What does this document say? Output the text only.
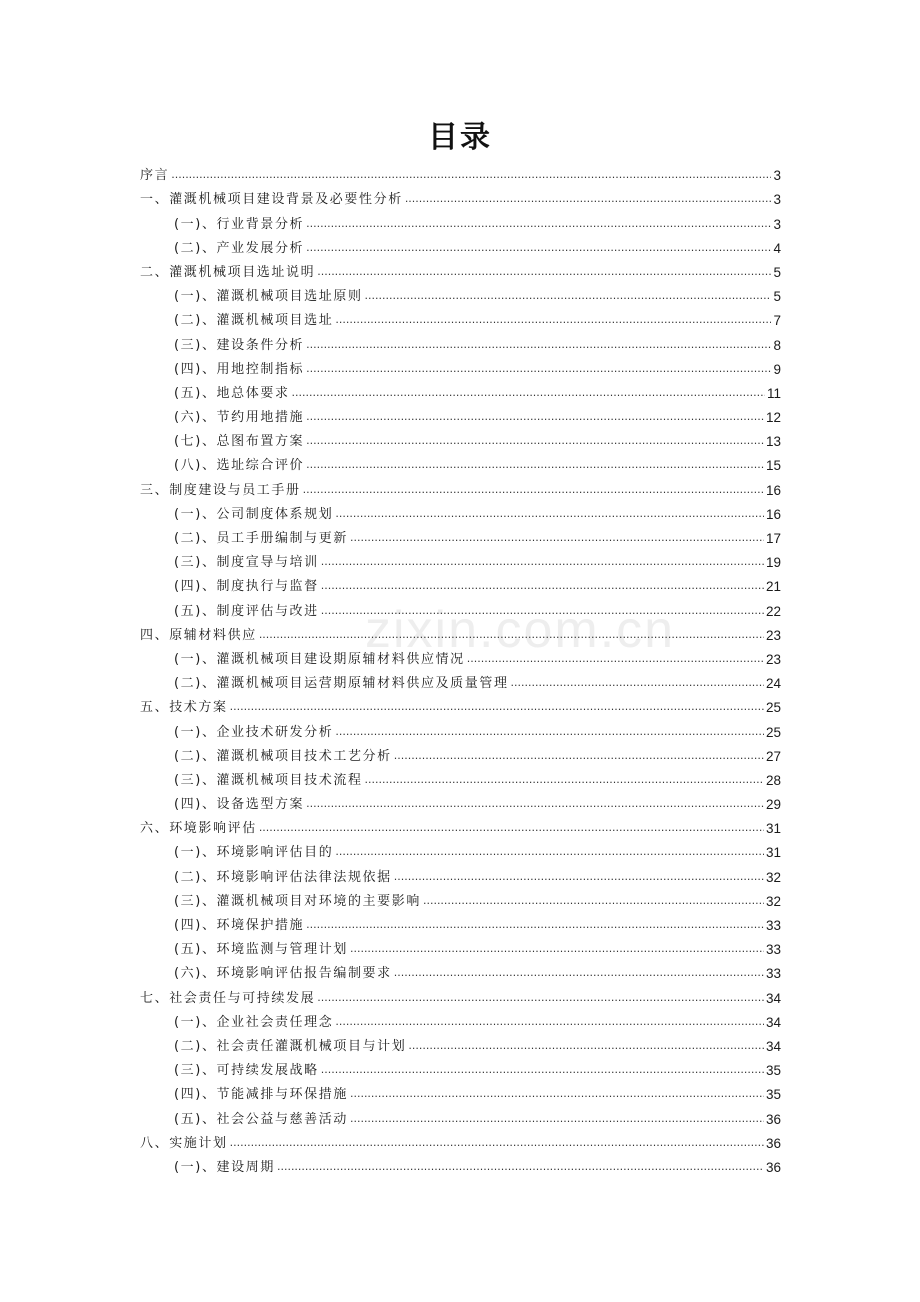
目录
zixin.com.cn
序言 .....	3
一、灌溉机械项目建设背景及必要性分析 .....	3
(一)、行业背景分析 .....	3
(二)、产业发展分析 .....	4
二、灌溉机械项目选址说明 .....	5
(一)、灌溉机械项目选址原则 .....	5
(二)、灌溉机械项目选址 .....	7
(三)、建设条件分析 .....	8
(四)、用地控制指标 .....	9
(五)、地总体要求 .....	11
(六)、节约用地措施 .....	12
(七)、总图布置方案 .....	13
(八)、选址综合评价 .....	15
三、制度建设与员工手册 .....	16
(一)、公司制度体系规划 .....	16
(二)、员工手册编制与更新 .....	17
(三)、制度宣导与培训 .....	19
(四)、制度执行与监督 .....	21
(五)、制度评估与改进 .....	22
四、原辅材料供应 .....	23
(一)、灌溉机械项目建设期原辅材料供应情况 .....	23
(二)、灌溉机械项目运营期原辅材料供应及质量管理 .....	24
五、技术方案 .....	25
(一)、企业技术研发分析 .....	25
(二)、灌溉机械项目技术工艺分析 .....	27
(三)、灌溉机械项目技术流程 .....	28
(四)、设备选型方案 .....	29
六、环境影响评估 .....	31
(一)、环境影响评估目的 .....	31
(二)、环境影响评估法律法规依据 .....	32
(三)、灌溉机械项目对环境的主要影响 .....	32
(四)、环境保护措施 .....	33
(五)、环境监测与管理计划 .....	33
(六)、环境影响评估报告编制要求 .....	33
七、社会责任与可持续发展 .....	34
(一)、企业社会责任理念 .....	34
(二)、社会责任灌溉机械项目与计划 .....	34
(三)、可持续发展战略 .....	35
(四)、节能减排与环保措施 .....	35
(五)、社会公益与慈善活动 .....	36
八、实施计划 .....	36
(一)、建设周期 .....	36
